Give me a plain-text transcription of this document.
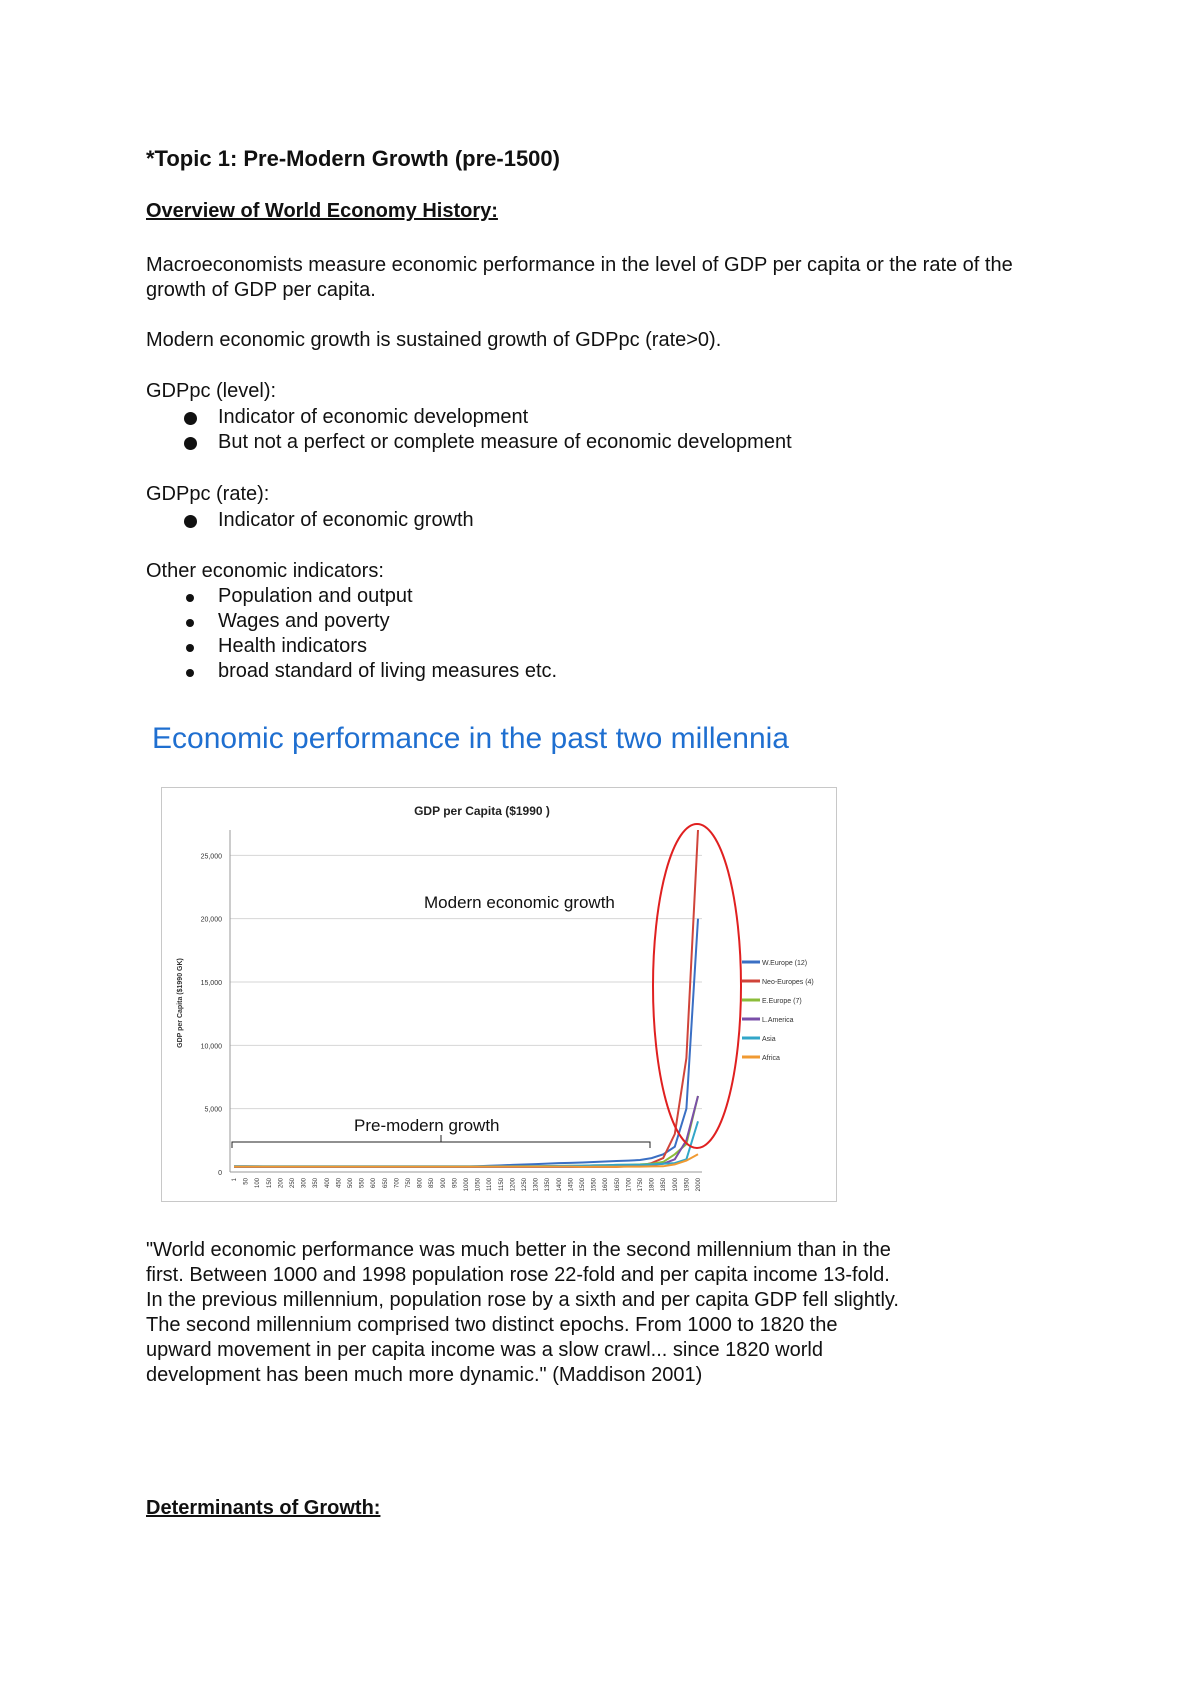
*Topic 1: Pre-Modern Growth (pre-1500)
Overview of World Economy History:
Macroeconomists measure economic performance in the level of GDP per capita or the rate of the growth of GDP per capita.
Modern economic growth is sustained growth of GDPpc (rate>0).
GDPpc (level):
Indicator of economic development
But not a perfect or complete measure of economic development
GDPpc (rate):
Indicator of economic growth
Other economic indicators:
Population and output
Wages and poverty
Health indicators
broad standard of living measures etc.
Economic performance in the past two millennia
GDP per Capita ($1990 )
GDP per Capita ($1990 GK)
0
5,000
10,000
15,000
20,000
25,000
1 50 100 150 200 250 300 350 400 450 500 550 600 650 700 750 800 850 900 950 1000 1050 1100 1150 1200 1250 1300 1350 1400 1450 1500 1550 1600 1650 1700 1750 1800 1850 1900 1950 2000
W.Europe (12)
Neo-Europes (4)
E.Europe (7)
L.America
Asia
Africa
Modern economic growth
Pre-modern growth
"World economic performance was much better in the second millennium than in the first. Between 1000 and 1998 population rose 22-fold and per capita income 13-fold. In the previous millennium, population rose by a sixth and per capita GDP fell slightly. The second millennium comprised two distinct epochs. From 1000 to 1820 the upward movement in per capita income was a slow crawl... since 1820 world development has been much more dynamic." (Maddison 2001)
Determinants of Growth:
